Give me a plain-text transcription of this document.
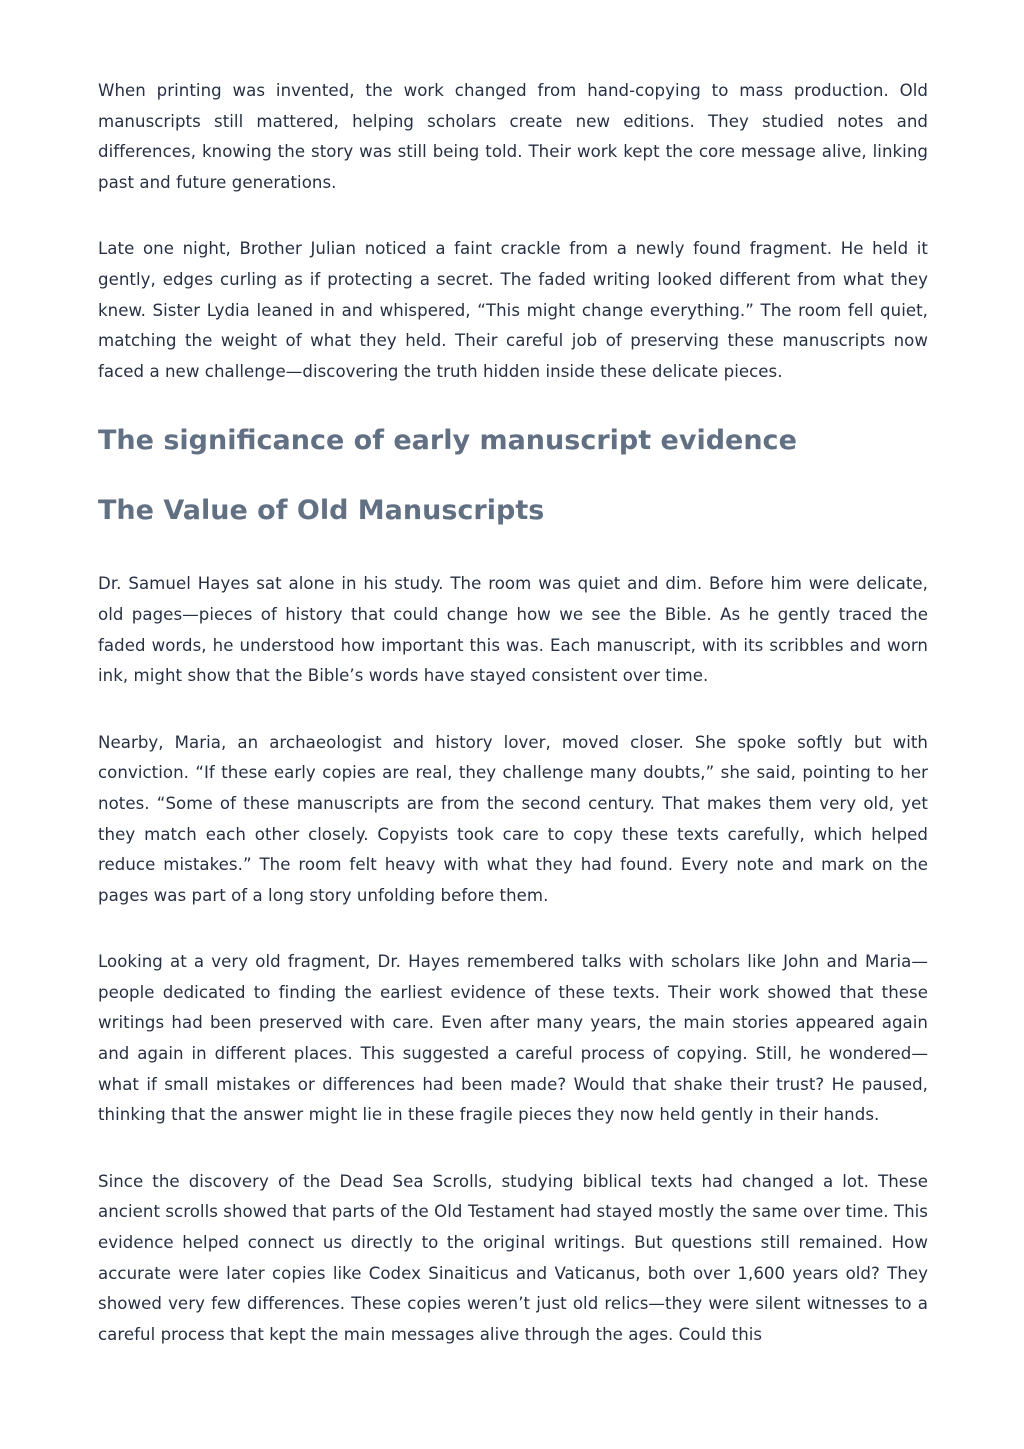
When printing was invented, the work changed from hand-copying to mass production. Old manuscripts still mattered, helping scholars create new editions. They studied notes and differences, knowing the story was still being told. Their work kept the core message alive, linking past and future generations.

Late one night, Brother Julian noticed a faint crackle from a newly found fragment. He held it gently, edges curling as if protecting a secret. The faded writing looked different from what they knew. Sister Lydia leaned in and whispered, “This might change everything.” The room fell quiet, matching the weight of what they held. Their careful job of preserving these manuscripts now faced a new challenge—discovering the truth hidden inside these delicate pieces.

The significance of early manuscript evidence
The Value of Old Manuscripts

Dr. Samuel Hayes sat alone in his study. The room was quiet and dim. Before him were delicate, old pages—pieces of history that could change how we see the Bible. As he gently traced the faded words, he understood how important this was. Each manuscript, with its scribbles and worn ink, might show that the Bible’s words have stayed consistent over time.

Nearby, Maria, an archaeologist and history lover, moved closer. She spoke softly but with conviction. “If these early copies are real, they challenge many doubts,” she said, pointing to her notes. “Some of these manuscripts are from the second century. That makes them very old, yet they match each other closely. Copyists took care to copy these texts carefully, which helped reduce mistakes.” The room felt heavy with what they had found. Every note and mark on the pages was part of a long story unfolding before them.

Looking at a very old fragment, Dr. Hayes remembered talks with scholars like John and Maria—people dedicated to finding the earliest evidence of these texts. Their work showed that these writings had been preserved with care. Even after many years, the main stories appeared again and again in different places. This suggested a careful process of copying. Still, he wondered—what if small mistakes or differences had been made? Would that shake their trust? He paused, thinking that the answer might lie in these fragile pieces they now held gently in their hands.

Since the discovery of the Dead Sea Scrolls, studying biblical texts had changed a lot. These ancient scrolls showed that parts of the Old Testament had stayed mostly the same over time. This evidence helped connect us directly to the original writings. But questions still remained. How accurate were later copies like Codex Sinaiticus and Vaticanus, both over 1,600 years old? They showed very few differences. These copies weren’t just old relics—they were silent witnesses to a careful process that kept the main messages alive through the ages. Could this
